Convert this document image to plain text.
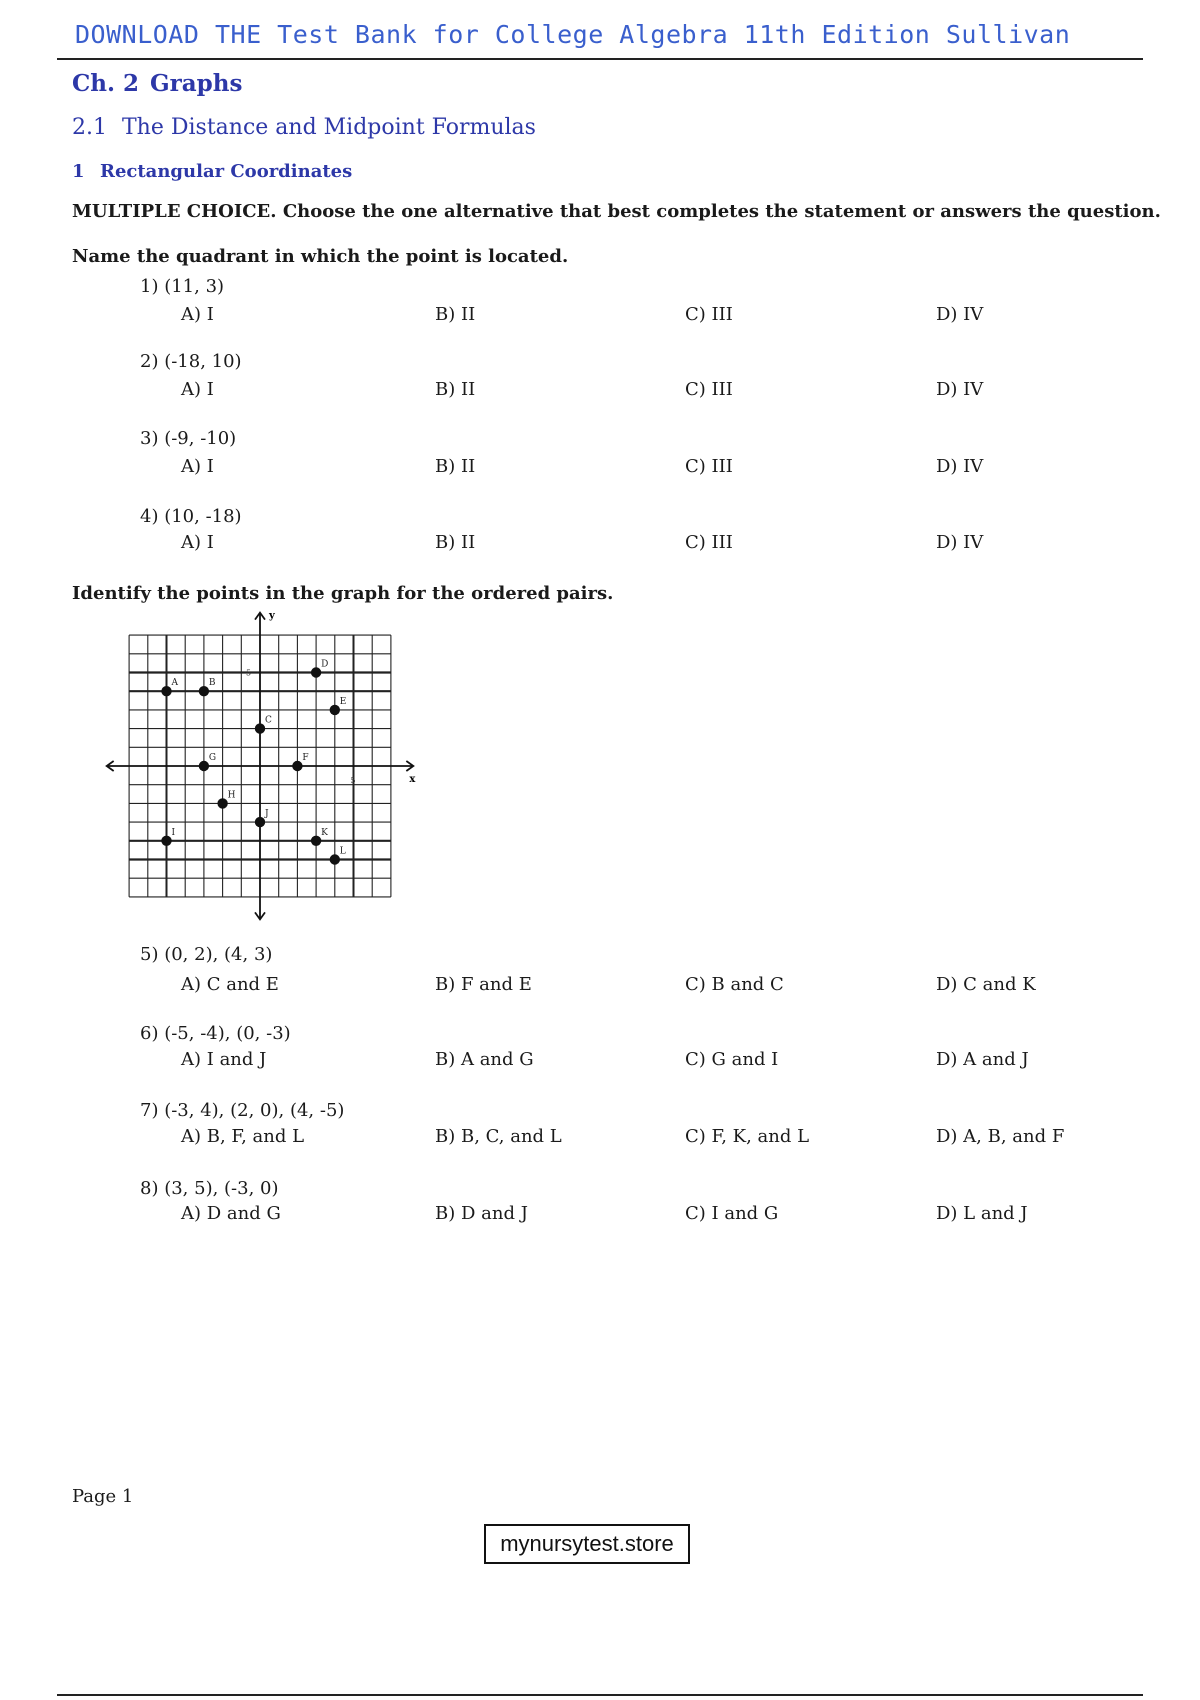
DOWNLOAD THE Test Bank for College Algebra 11th Edition Sullivan
Ch. 2 Graphs
2.1 The Distance and Midpoint Formulas
1 Rectangular Coordinates
MULTIPLE CHOICE. Choose the one alternative that best completes the statement or answers the question.
Name the quadrant in which the point is located.
1) (11, 3)
A) I	B) II	C) III	D) IV
2) (-18, 10)
A) I	B) II	C) III	D) IV
3) (-9, -10)
A) I	B) II	C) III	D) IV
4) (10, -18)
A) I	B) II	C) III	D) IV
Identify the points in the graph for the ordered pairs.
x
y
5
5
A	B
C
D
E
F
G
H
I
J
K
L
5) (0, 2), (4, 3)
A) C and E	B) F and E	C) B and C	D) C and K
6) (-5, -4), (0, -3)
A) I and J	B) A and G	C) G and I	D) A and J
7) (-3, 4), (2, 0), (4, -5)
A) B, F, and L	B) B, C, and L	C) F, K, and L	D) A, B, and F
8) (3, 5), (-3, 0)
A) D and G	B) D and J	C) I and G	D) L and J
Page 1
mynursytest.store
